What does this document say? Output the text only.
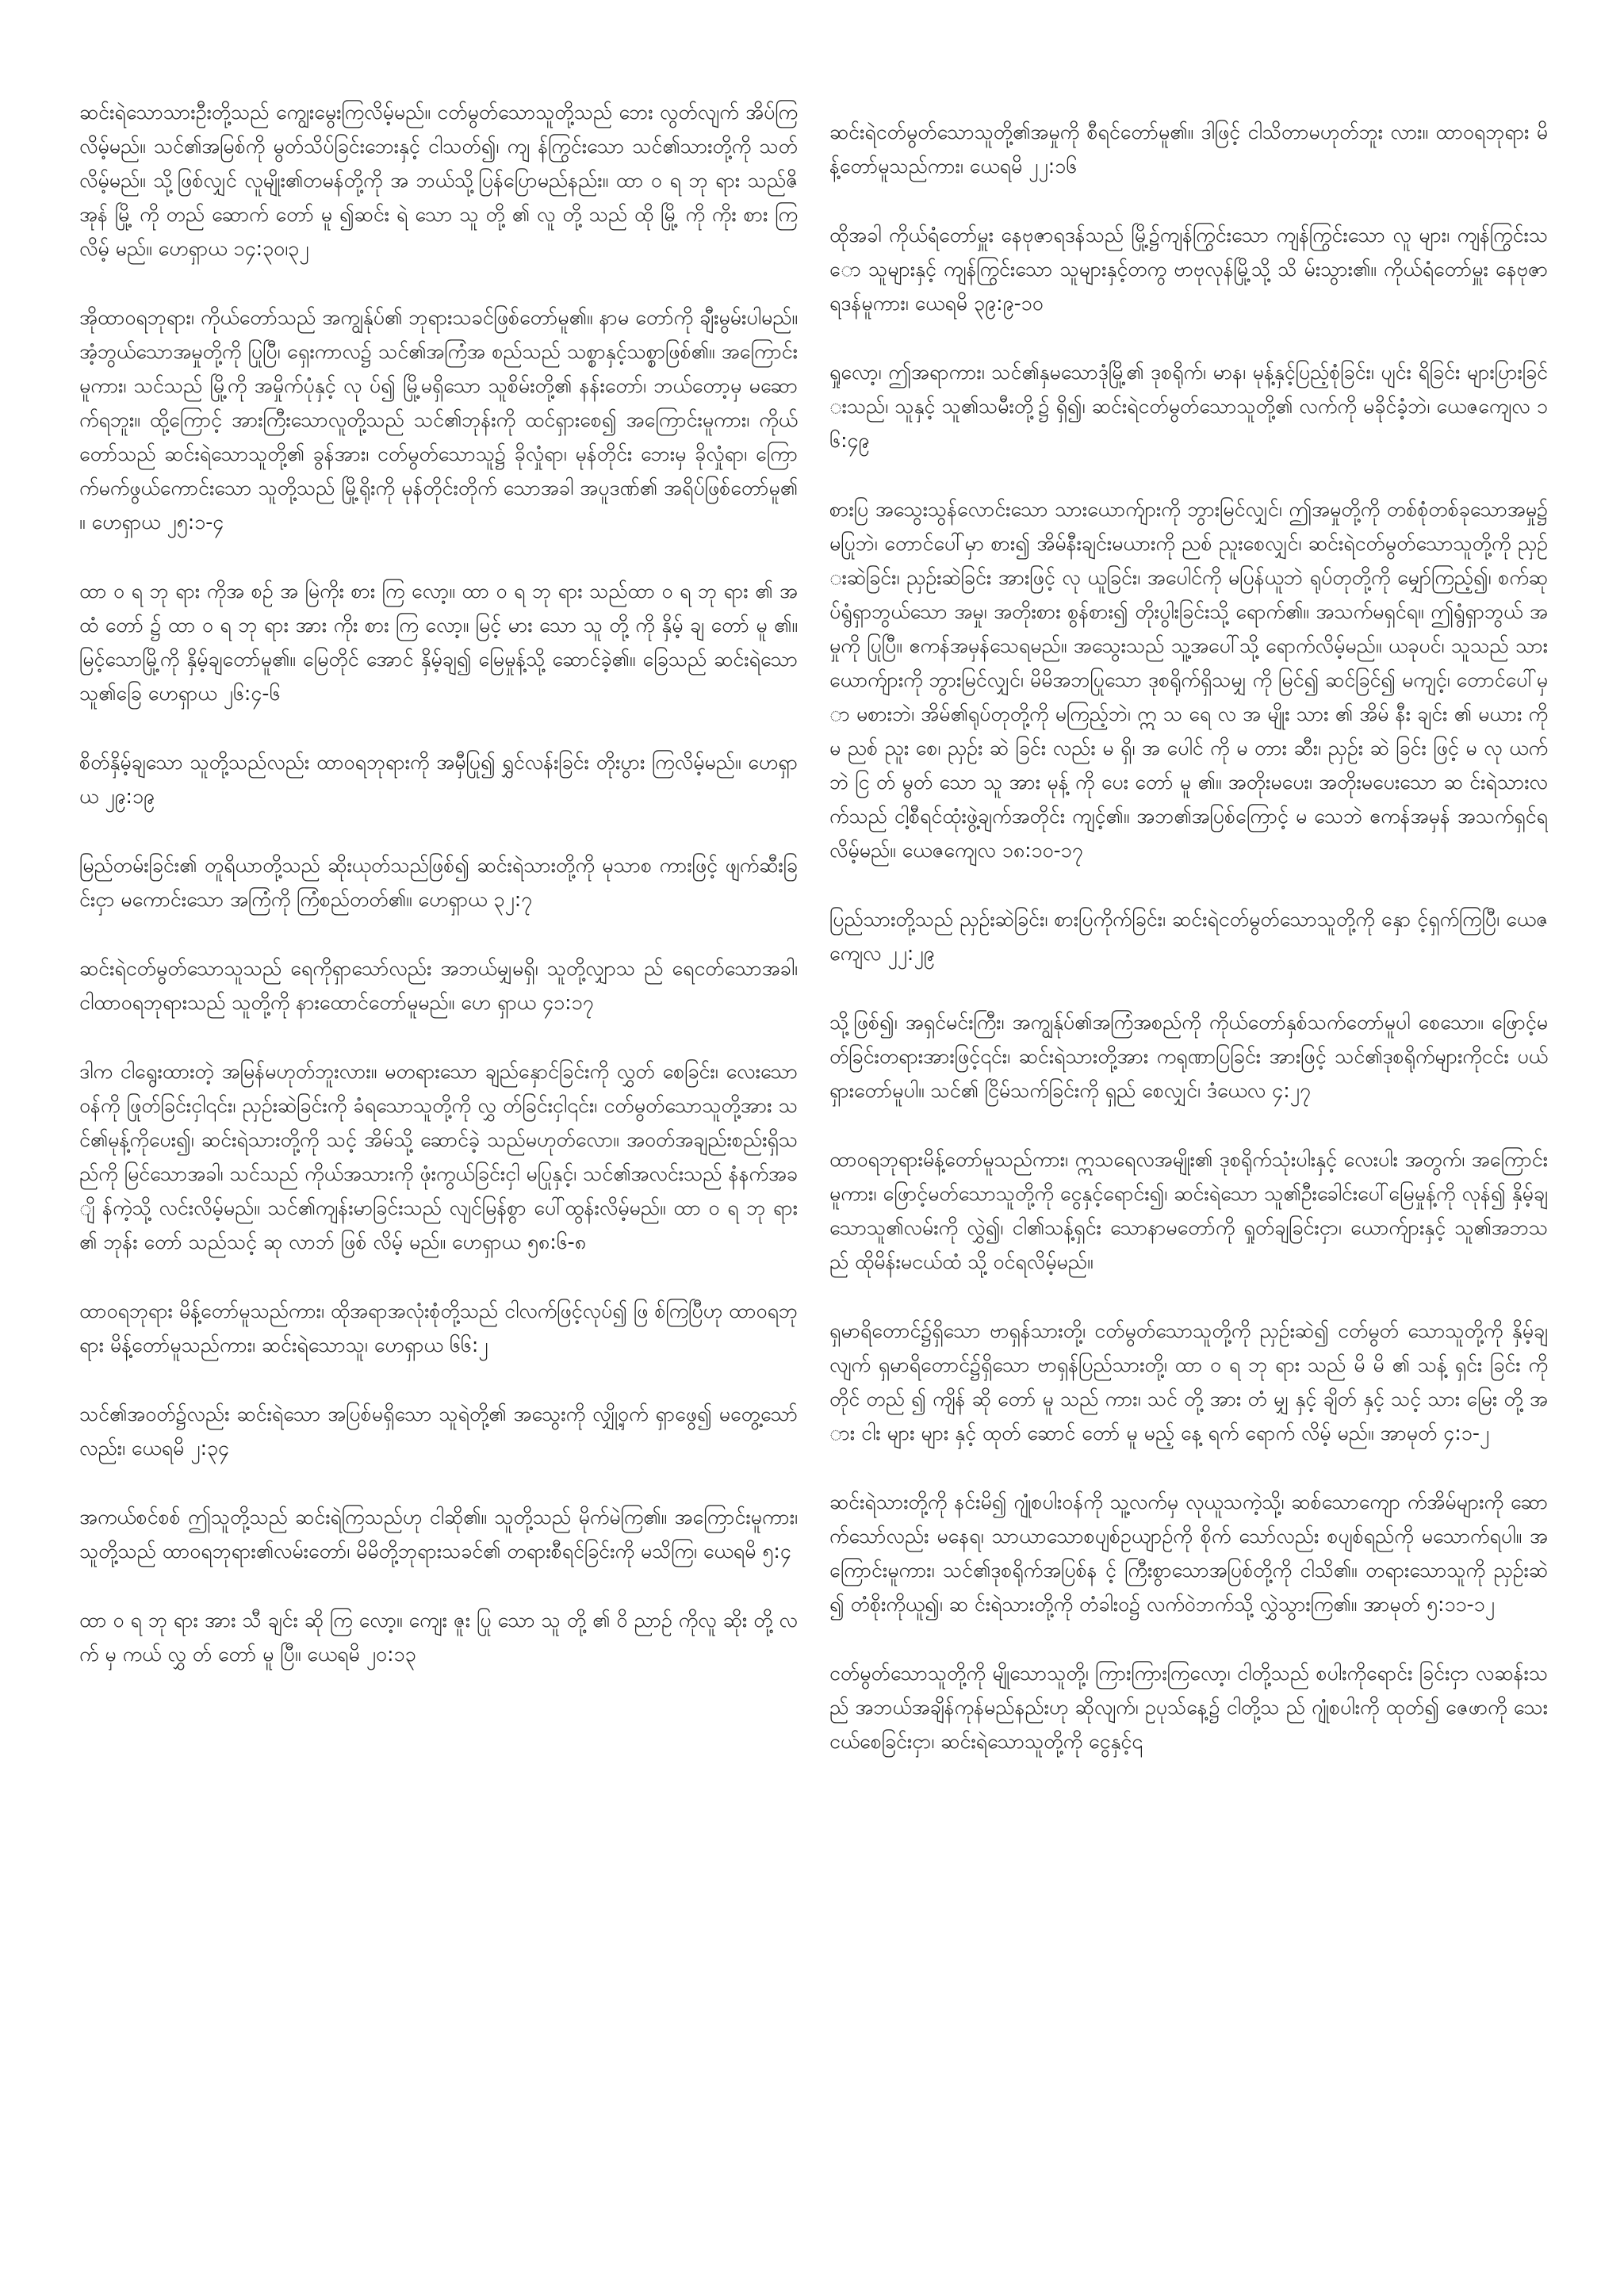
ဆင်းရဲသောသားဦးတို့သည် ကျွေးမွေးကြလိမ့်မည်။ ငတ်မွတ်သောသူတို့သည် ဘေး လွတ်လျက် အိပ်ကြလိမ့်မည်။ သင်၏အမြစ်ကို မွတ်သိပ်ခြင်းဘေးနှင့် ငါသတ်၍၊ ကျ န်ကြွင်းသော သင်၏သားတို့ကို သတ်လိမ့်မည်။ သို့ဖြစ်လျှင် လူမျိုး၏တမန်တို့ကို အ ဘယ်သို့ပြန်ပြောမည်နည်း။ ထာ ဝ ရ ဘု ရား သည်ဇိ အုန် မြို့ ကို တည် ဆောက် တော် မူ ၍ဆင်း ရဲ သော သူ တို့ ၏ လူ တို့ သည် ထို မြို့ ကို ကိုး စား ကြ လိမ့် မည်။ ဟေရှာယ ၁၄:၃၀၊၃၂

အိုထာဝရဘုရား၊ ကိုယ်တော်သည် အကျွန်ုပ်၏ ဘုရားသခင်ဖြစ်တော်မူ၏။ နာမ တော်ကို ချီးမွမ်းပါမည်။ အံ့ဘွယ်သောအမှုတို့ကို ပြုပြီ၊ ရှေးကာလ၌ သင်၏အကြံအ စည်သည် သစ္စာနှင့်သစ္စာဖြစ်၏။ အကြောင်းမူကား၊ သင်သည် မြို့ကို အမှိုက်ပုံနှင့် လု ပ်၍ မြို့မရှိသော သူစိမ်းတို့၏ နန်းတော်၊ ဘယ်တော့မှ မဆောက်ရဘူး။ ထို့ကြောင့် အားကြီးသောလူတို့သည် သင်၏ဘုန်းကို ထင်ရှားစေ၍ အကြောင်းမူကား၊ ကိုယ် တော်သည် ဆင်းရဲသောသူတို့၏ ခွန်အား၊ ငတ်မွတ်သောသူ၌ ခိုလှုံရာ၊ မုန်တိုင်း ဘေးမှ ခိုလှုံရာ၊ ကြောက်မက်ဖွယ်ကောင်းသော သူတို့သည် မြို့ရိုးကို မုန်တိုင်းတိုက် သောအခါ အပူဒဏ်၏ အရိပ်ဖြစ်တော်မူ၏။ ဟေရှာယ ၂၅:၁-၄

ထာ ဝ ရ ဘု ရား ကိုအ စဉ် အ မြဲကိုး စား ကြ လော့။ ထာ ဝ ရ ဘု ရား သည်ထာ ဝ ရ ဘု ရား ၏ အ ထံ တော် ၌ ထာ ဝ ရ ဘု ရား အား ကိုး စား ကြ လော့။ မြင့် မား သော သူ တို့ ကို နှိမ့် ချ တော် မူ ၏။ မြင့်သောမြို့ကို နှိမ့်ချတော်မူ၏။ မြေတိုင် အောင် နှိမ့်ချ၍ မြေမှုန့်သို့ ဆောင်ခဲ့၏။ ခြေသည် ဆင်းရဲသောသူ၏ခြေ ဟေရှာယ ၂၆:၄-၆

စိတ်နှိမ့်ချသော သူတို့သည်လည်း ထာဝရဘုရားကို အမှီပြု၍ ရွှင်လန်းခြင်း တိုးပွား ကြလိမ့်မည်။ ဟေရှာယ ၂၉:၁၉

မြည်တမ်းခြင်း၏ တူရိယာတို့သည် ဆိုးယုတ်သည်ဖြစ်၍ ဆင်းရဲသားတို့ကို မုသာစ ကားဖြင့် ဖျက်ဆီးခြင်းငှာ မကောင်းသော အကြံကို ကြံစည်တတ်၏။ ဟေရှာယ ၃၂:၇

ဆင်းရဲငတ်မွတ်သောသူသည် ရေကိုရှာသော်လည်း အဘယ်မျှမရှိ၊ သူတို့လျှာသ ည် ရေငတ်သောအခါ၊ ငါထာဝရဘုရားသည် သူတို့ကို နားထောင်တော်မူမည်။ ဟေ ရှာယ ၄၁:၁၇

ဒါက ငါရွေးထားတဲ့ အမြန်မဟုတ်ဘူးလား။ မတရားသော ချည်နှောင်ခြင်းကို လွှတ် စေခြင်း၊ လေးသောဝန်ကို ဖြုတ်ခြင်းငှါ၎င်း၊ ညှဉ်းဆဲခြင်းကို ခံရသောသူတို့ကို လွှ တ်ခြင်းငှါ၎င်း၊ ငတ်မွတ်သောသူတို့အား သင်၏မုန့်ကိုပေး၍၊ ဆင်းရဲသားတို့ကို သင့် အိမ်သို့ ဆောင်ခဲ့ သည်မဟုတ်လော။ အဝတ်အချည်းစည်းရှိသည်ကို မြင်သောအခါ၊ သင်သည် ကိုယ်အသားကို ဖုံးကွယ်ခြင်းငှါ မပြုနှင့်၊ သင်၏အလင်းသည် နံနက်အချိ န်ကဲ့သို့ လင်းလိမ့်မည်။ သင်၏ကျန်းမာခြင်းသည် လျင်မြန်စွာ ပေါ်ထွန်းလိမ့်မည်။ ထာ ဝ ရ ဘု ရား ၏ ဘုန်း တော် သည်သင့် ဆု လာဘ် ဖြစ် လိမ့် မည်။ ဟေရှာယ ၅၈:၆-၈

ထာဝရဘုရား မိန့်တော်မူသည်ကား၊ ထိုအရာအလုံးစုံတို့သည် ငါလက်ဖြင့်လုပ်၍ ဖြ စ်ကြပြီဟု ထာဝရဘုရား မိန့်တော်မူသည်ကား၊ ဆင်းရဲသောသူ၊ ဟေရှာယ ၆၆:၂

သင်၏အဝတ်၌လည်း ဆင်းရဲသော အပြစ်မရှိသော သူရဲတို့၏ အသွေးကို လျှို့ဝှက် ရှာဖွေ၍ မတွေ့သော်လည်း၊ ယေရမိ ၂:၃၄

အကယ်စင်စစ် ဤသူတို့သည် ဆင်းရဲကြသည်ဟု ငါဆို၏။ သူတို့သည် မိုက်မဲကြ၏။ အကြောင်းမူကား၊ သူတို့သည် ထာဝရဘုရား၏လမ်းတော်၊ မိမိတို့ဘုရားသခင်၏ တရားစီရင်ခြင်းကို မသိကြ၊ ယေရမိ ၅:၄

ထာ ဝ ရ ဘု ရား အား သီ ချင်း ဆို ကြ လော့။ ကျေး ဇူး ပြု သော သူ တို့ ၏ ဝိ ညာဉ် ကိုလူ ဆိုး တို့ လက် မှ ကယ် လွှ တ် တော် မူ ပြီ။ ယေရမိ ၂၀:၁၃

ဆင်းရဲငတ်မွတ်သောသူတို့၏အမှုကို စီရင်တော်မူ၏။ ဒါဖြင့် ငါသိတာမဟုတ်ဘူး လား။ ထာဝရဘုရား မိန့်တော်မူသည်ကား၊ ယေရမိ ၂၂:၁၆

ထိုအခါ ကိုယ်ရံတော်မှူး နေဗုဇာရဒန်သည် မြို့၌ကျန်ကြွင်းသော ကျန်ကြွင်းသော လူ များ၊ ကျန်ကြွင်းသော သူများနှင့် ကျန်ကြွင်းသော သူများနှင့်တကွ ဗာဗုလုန်မြို့သို့ သိ မ်းသွား၏။ ကိုယ်ရံတော်မှူး နေဗုဇာရဒန်မူကား၊ ယေရမိ ၃၉:၉-၁၀

ရှုလော့၊ ဤအရာကား၊ သင်၏နှမသောဒုံမြို့၏ ဒုစရိုက်၊ မာန၊ မုန့်နှင့်ပြည့်စုံခြင်း၊ ပျင်း ရိခြင်း များပြားခြင်းသည်၊ သူနှင့် သူ၏သမီးတို့၌ ရှိ၍၊ ဆင်းရဲငတ်မွတ်သောသူတို့၏ လက်ကို မခိုင်ခံ့ဘဲ၊ ယေဇကျေလ ၁၆:၄၉

စားပြ အသွေးသွန်လောင်းသော သားယောက်ျားကို ဘွားမြင်လျှင်၊ ဤအမှုတို့ကို တစ်စုံတစ်ခုသောအမှု၌ မပြုဘဲ၊ တောင်ပေါ်မှာ စား၍ အိမ်နီးချင်းမယားကို ညစ် ညူးစေလျှင်၊ ဆင်းရဲငတ်မွတ်သောသူတို့ကို ညှဉ်းဆဲခြင်း၊ ညှဉ်းဆဲခြင်း အားဖြင့် လု ယူခြင်း၊ အပေါင်ကို မပြန်ယူဘဲ ရုပ်တုတို့ကို မျှော်ကြည့်၍၊ စက်ဆုပ်ရွံရှာဘွယ်သော အမှု၊ အတိုးစား စွန်စား၍ တိုးပွါးခြင်းသို့ ရောက်၏။ အသက်မရှင်ရ။ ဤရွံရှာဘွယ် အမှုကို ပြုပြီ။ ဧကန်အမှန်သေရမည်။ အသွေးသည် သူ့အပေါ်သို့ ရောက်လိမ့်မည်။ ယခုပင်၊ သူသည် သားယောက်ျားကို ဘွားမြင်လျှင်၊ မိမိအဘပြုသော ဒုစရိုက်ရှိသမျှ ကို မြင်၍ ဆင်ခြင်၍ မကျင့်၊ တောင်ပေါ်မှာ မစားဘဲ၊ အိမ်၏ရုပ်တုတို့ကို မကြည့်ဘဲ၊ ဣ သ ရေ လ အ မျိုး သား ၏ အိမ် နီး ချင်း ၏ မယား ကို မ ညစ် ညူး စေ၊ ညှဉ်း ဆဲ ခြင်း လည်း မ ရှိ၊ အ ပေါင် ကို မ တား ဆီး၊ ညှဉ်း ဆဲ ခြင်း ဖြင့် မ လု ယက် ဘဲ ငြ တ် မွတ် သော သူ အား မုန့် ကို ပေး တော် မူ ၏။ အတိုးမပေး၊ အတိုးမပေးသော ဆ င်းရဲသားလက်သည် ငါ့စီရင်ထုံးဖွဲ့ချက်အတိုင်း ကျင့်၏။ အဘ၏အပြစ်ကြောင့် မ သေဘဲ ဧကန်အမှန် အသက်ရှင်ရလိမ့်မည်။ ယေဇကျေလ ၁၈:၁၀-၁၇

ပြည်သားတို့သည် ညှဉ်းဆဲခြင်း၊ စားပြကိုက်ခြင်း၊ ဆင်းရဲငတ်မွတ်သောသူတို့ကို နှော င့်ရှက်ကြပြီ၊ ယေဇကျေလ ၂၂:၂၉

သို့ဖြစ်၍၊ အရှင်မင်းကြီး၊ အကျွန်ုပ်၏အကြံအစည်ကို ကိုယ်တော်နှစ်သက်တော်မူပါ စေသော။ ဖြောင့်မတ်ခြင်းတရားအားဖြင့်၎င်း၊ ဆင်းရဲသားတို့အား ကရုဏာပြခြင်း အားဖြင့် သင်၏ဒုစရိုက်များကိုငင်း ပယ်ရှားတော်မူပါ။ သင်၏ ငြိမ်သက်ခြင်းကို ရှည် စေလျှင်၊ ဒံယေလ ၄:၂၇

ထာဝရဘုရားမိန့်တော်မူသည်ကား၊ ဣသရေလအမျိုး၏ ဒုစရိုက်သုံးပါးနှင့် လေးပါး အတွက်၊ အကြောင်းမူကား၊ ဖြောင့်မတ်သောသူတို့ကို ငွေနှင့်ရောင်း၍၊ ဆင်းရဲသော သူ၏ဦးခေါင်းပေါ်မြေမှုန့်ကို လုန်၍ နှိမ့်ချသောသူ၏လမ်းကို လွှဲ၍၊ ငါ၏သန့်ရှင်း သောနာမတော်ကို ရှုတ်ချခြင်းငှာ၊ ယောက်ျားနှင့် သူ၏အဘသည် ထိုမိန်းမငယ်ထံ သို့ ဝင်ရလိမ့်မည်။

ရှမာရိတောင်၌ရှိသော ဗာရှန်သားတို့၊ ငတ်မွတ်သောသူတို့ကို ညှဉ်းဆဲ၍ ငတ်မွတ် သောသူတို့ကို နှိမ့်ချလျက် ရှမာရိတောင်၌ရှိသော ဗာရှန်ပြည်သားတို့၊ ထာ ဝ ရ ဘု ရား သည် မိ မိ ၏ သန့် ရှင်း ခြင်း ကို တိုင် တည် ၍ ကျိန် ဆို တော် မူ သည် ကား၊ သင် တို့ အား တံ မျှ နှင့် ချိတ် နှင့် သင့် သား မြေး တို့ အား ငါး များ များ နှင့် ထုတ် ဆောင် တော် မူ မည့် နေ့ ရက် ရောက် လိမ့် မည်။ အာမုတ် ၄:၁-၂

ဆင်းရဲသားတို့ကို နင်းမိ၍ ဂျုံစပါးဝန်ကို သူ့လက်မှ လုယူသကဲ့သို့၊ ဆစ်သောကျော က်အိမ်များကို ဆောက်သော်လည်း မနေရ၊ သာယာသောစပျစ်ဥယျာဉ်ကို စိုက် သော်လည်း စပျစ်ရည်ကို မသောက်ရပါ။ အကြောင်းမူကား၊ သင်၏ဒုစရိုက်အပြစ်န င့် ကြီးစွာသောအပြစ်တို့ကို ငါသိ၏။ တရားသောသူကို ညှဉ်းဆဲ၍ တံစိုးကိုယူ၍၊ ဆ င်းရဲသားတို့ကို တံခါးဝ၌ လက်ဝဲဘက်သို့ လွှဲသွားကြ၏။ အာမုတ် ၅:၁၁-၁၂

ငတ်မွတ်သောသူတို့ကို မျိုသောသူတို့၊ ကြားကြားကြလော့၊ ငါတို့သည် စပါးကိုရောင်း ခြင်းငှာ လဆန်းသည် အဘယ်အချိန်ကုန်မည်နည်းဟု ဆိုလျက်၊ ဥပုသ်နေ့၌ ငါတို့သ ည် ဂျုံစပါးကို ထုတ်၍ ဇေဖာကို သေးငယ်စေခြင်းငှာ၊ ဆင်းရဲသောသူတို့ကို ငွေနှင့်၎
